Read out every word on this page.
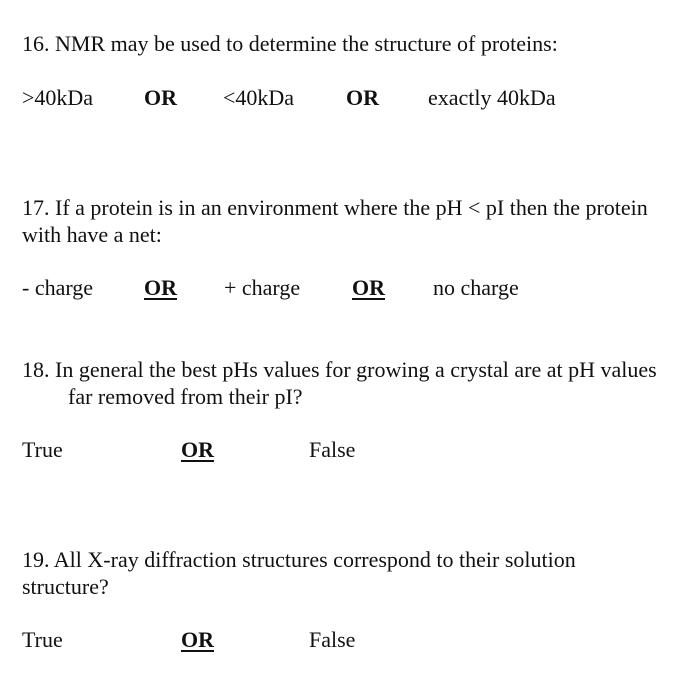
16. NMR may be used to determine the structure of proteins:
>40kDa OR <40kDa OR exactly 40kDa
17. If a protein is in an environment where the pH < pI then the protein
with have a net:
- charge OR + charge OR no charge
18. In general the best pHs values for growing a crystal are at pH values
far removed from their pI?
True	OR	False
19. All X-ray diffraction structures correspond to their solution
structure?
True	OR	False
